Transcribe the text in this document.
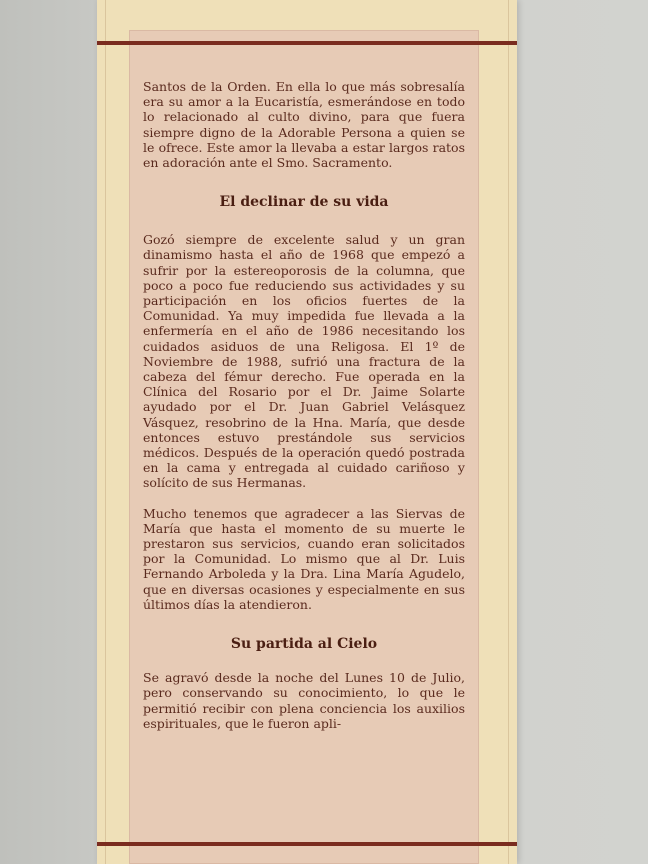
Santos de la Orden. En ella lo que más sobresalía era su amor a la Eucaristía, esmerándose en todo lo relacionado al culto divino, para que fuera siempre digno de la Adorable Persona a quien se le ofrece. Este amor la llevaba a estar largos ratos en adoración ante el Smo. Sacramento.

El declinar de su vida

Gozó siempre de excelente salud y un gran dinamismo hasta el año de 1968 que empezó a sufrir por la estereoporosis de la columna, que poco a poco fue reduciendo sus actividades y su participación en los oficios fuertes de la Comunidad. Ya muy impedida fue llevada a la enfermería en el año de 1986 necesitando los cuidados asiduos de una Religosa. El 1º de Noviembre de 1988, sufrió una fractura de la cabeza del fémur derecho. Fue operada en la Clínica del Rosario por el Dr. Jaime Solarte ayudado por el Dr. Juan Gabriel Velásquez Vásquez, resobrino de la Hna. María, que desde entonces estuvo prestándole sus servicios médicos. Después de la operación quedó postrada en la cama y entregada al cuidado cariñoso y solícito de sus Hermanas.

Mucho tenemos que agradecer a las Siervas de María que hasta el momento de su muerte le prestaron sus servicios, cuando eran solicitados por la Comunidad. Lo mismo que al Dr. Luis Fernando Arboleda y la Dra. Lina María Agudelo, que en diversas ocasiones y especialmente en sus últimos días la atendieron.

Su partida al Cielo

Se agravó desde la noche del Lunes 10 de Julio, pero conservando su conocimiento, lo que le permitió recibir con plena conciencia los auxilios espirituales, que le fueron apli-
